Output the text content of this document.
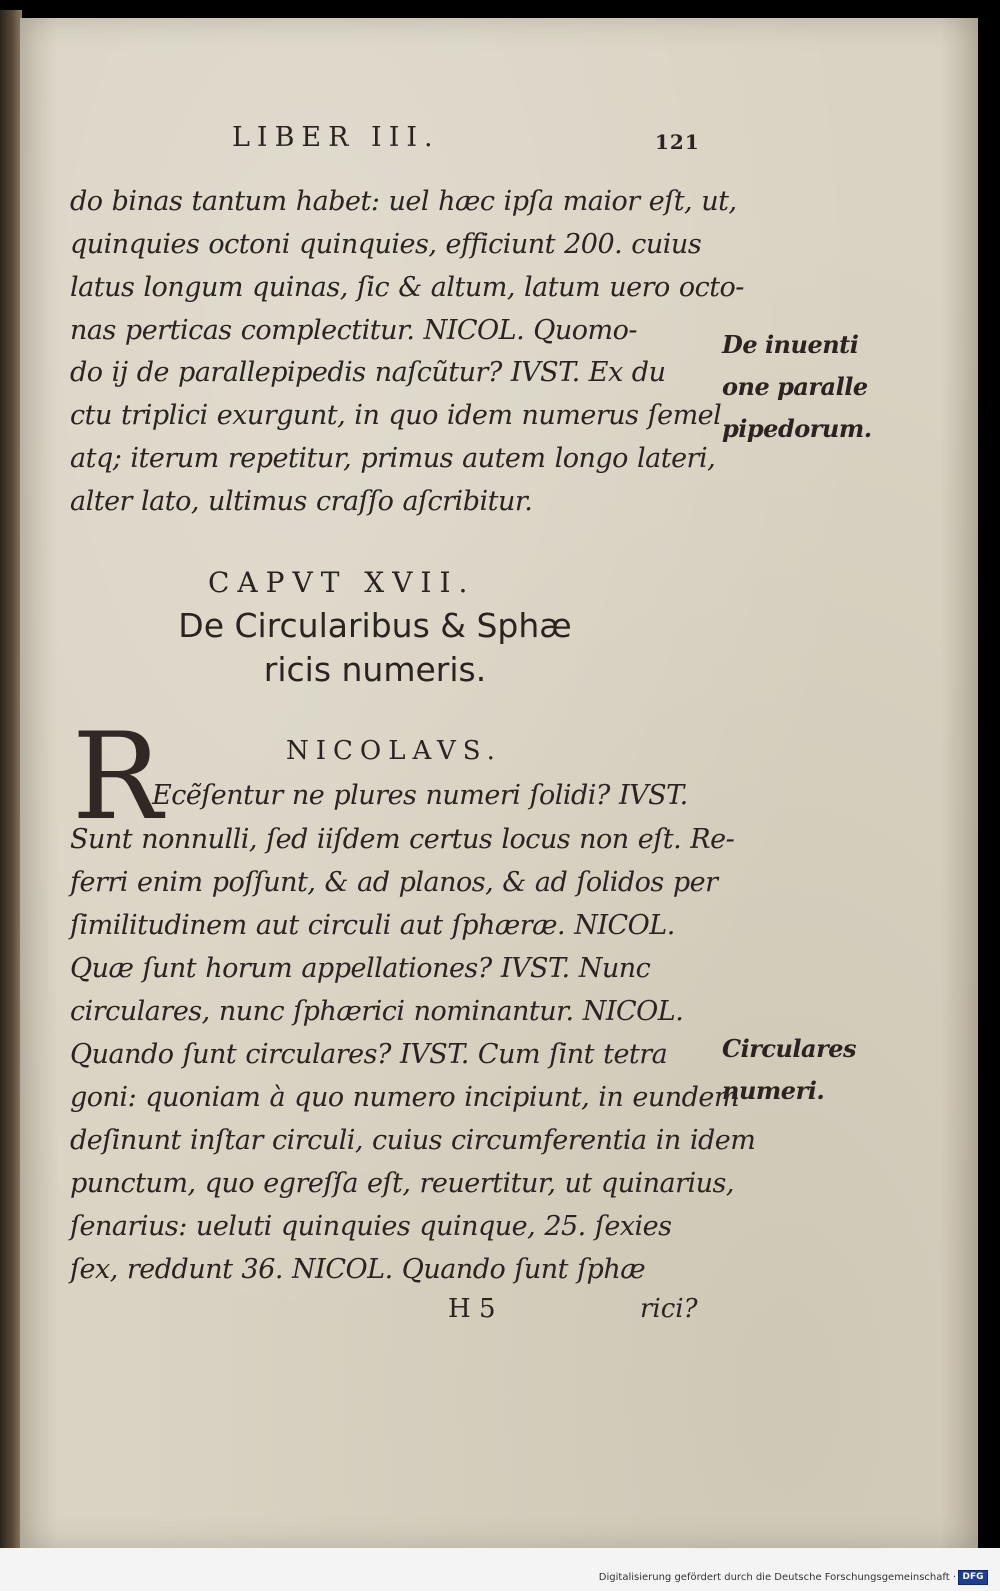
LIBER III.	121
do binas tantum habet: uel hæc ipſa maior eſt, ut,
quinquies octoni quinquies, efficiunt 200. cuius
latus longum quinas, ſic & altum, latum uero octo-
nas perticas complectitur. NICOL. Quomo-
do ij de parallepipedis naſcũtur? IVST. Ex du
ctu triplici exurgunt, in quo idem numerus ſemel
atq; iterum repetitur, primus autem longo lateri,
alter lato, ultimus craſſo aſcribitur.
De inuenti
one paralle
pipedorum.
CAPVT XVII.
De Circularibus & Sphæ
ricis numeris.
R	NICOLAVS.
Ecẽſentur ne plures numeri ſolidi? IVST.
Sunt nonnulli, ſed iiſdem certus locus non eſt. Re-
ferri enim poſſunt, & ad planos, & ad ſolidos per
ſimilitudinem aut circuli aut ſphæræ. NICOL.
Quæ ſunt horum appellationes? IVST. Nunc
circulares, nunc ſphærici nominantur. NICOL.
Quando ſunt circulares? IVST. Cum ſint tetra
goni: quoniam à quo numero incipiunt, in eundem
deſinunt inſtar circuli, cuius circumferentia in idem
punctum, quo egreſſa eſt, reuertitur, ut quinarius,
ſenarius: ueluti quinquies quinque, 25. ſexies
ſex, reddunt 36. NICOL. Quando ſunt ſphæ
Circulares
numeri.
H 5	rici?
Digitalisierung gefördert durch die Deutsche Forschungsgemeinschaft · DFG
